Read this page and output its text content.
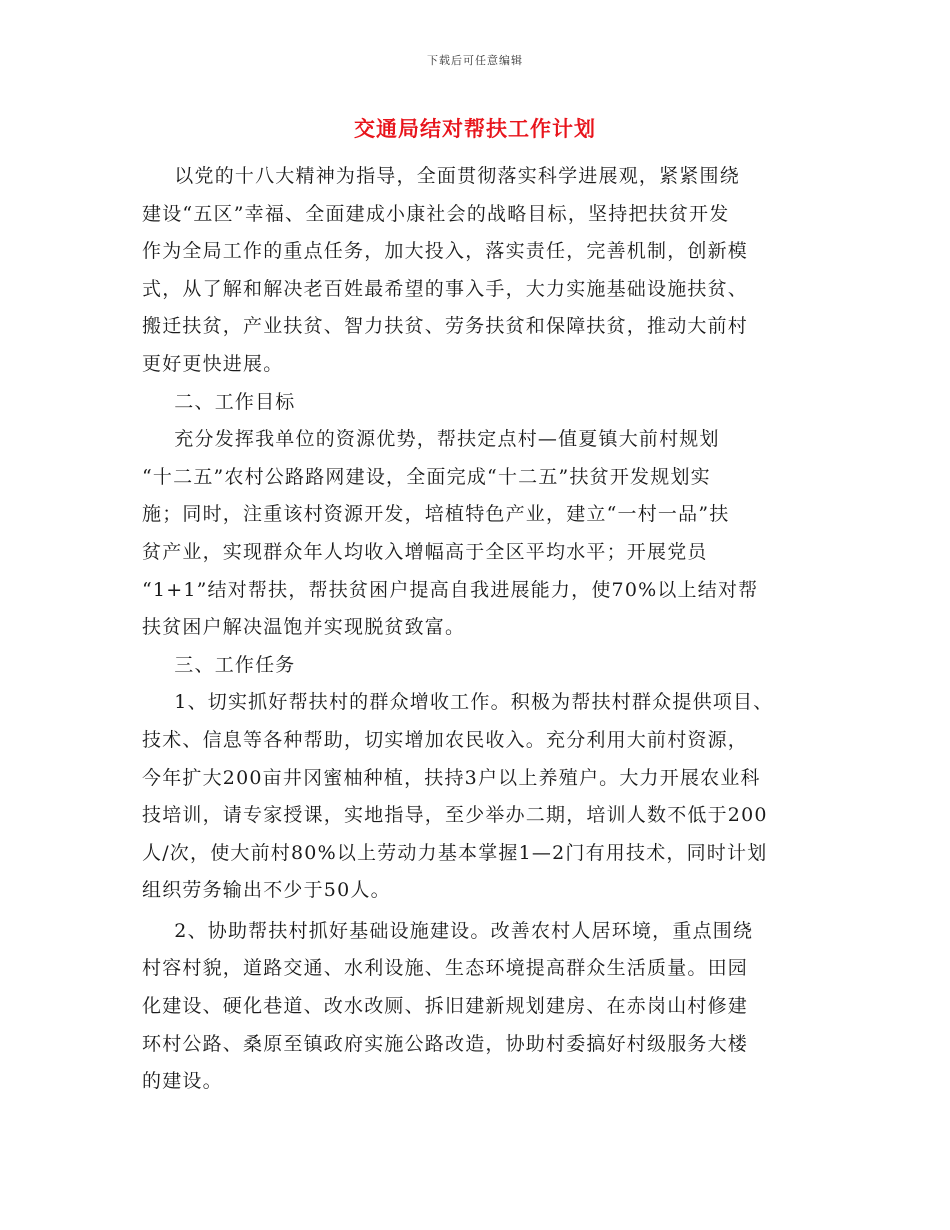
下载后可任意编辑
交通局结对帮扶工作计划

以党的十八大精神为指导，全面贯彻落实科学进展观，紧紧围绕
建设“五区”幸福、全面建成小康社会的战略目标，坚持把扶贫开发
作为全局工作的重点任务，加大投入，落实责任，完善机制，创新模
式，从了解和解决老百姓最希望的事入手，大力实施基础设施扶贫、
搬迁扶贫，产业扶贫、智力扶贫、劳务扶贫和保障扶贫，推动大前村
更好更快进展。

二、工作目标

充分发挥我单位的资源优势，帮扶定点村—值夏镇大前村规划
“十二五”农村公路路网建设，全面完成“十二五”扶贫开发规划实
施；同时，注重该村资源开发，培植特色产业，建立“一村一品”扶
贫产业，实现群众年人均收入增幅高于全区平均水平；开展党员
“1+1”结对帮扶，帮扶贫困户提高自我进展能力，使70%以上结对帮
扶贫困户解决温饱并实现脱贫致富。

三、工作任务

1、切实抓好帮扶村的群众增收工作。积极为帮扶村群众提供项目、
技术、信息等各种帮助，切实增加农民收入。充分利用大前村资源，
今年扩大200亩井冈蜜柚种植，扶持3户以上养殖户。大力开展农业科
技培训，请专家授课，实地指导，至少举办二期，培训人数不低于200
人/次，使大前村80%以上劳动力基本掌握1—2门有用技术，同时计划
组织劳务输出不少于50人。

2、协助帮扶村抓好基础设施建设。改善农村人居环境，重点围绕
村容村貌，道路交通、水利设施、生态环境提高群众生活质量。田园
化建设、硬化巷道、改水改厕、拆旧建新规划建房、在赤岗山村修建
环村公路、桑原至镇政府实施公路改造，协助村委搞好村级服务大楼
的建设。
